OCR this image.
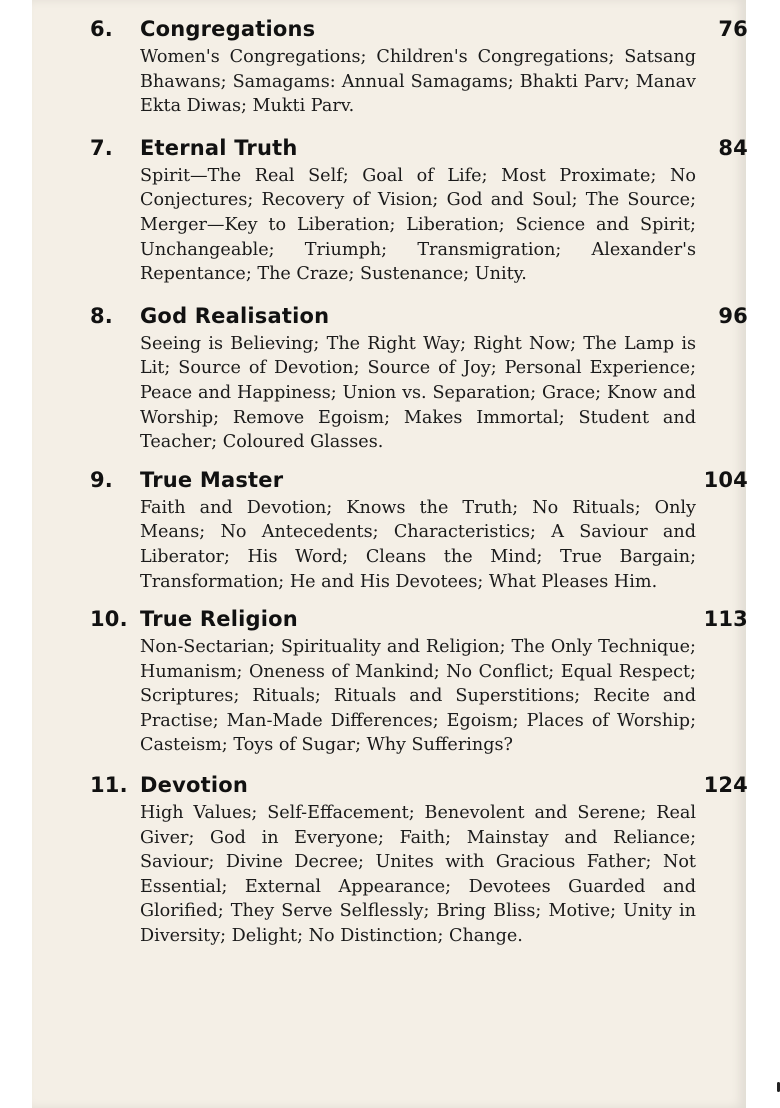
6. Congregations	76
Women's Congregations; Children's Congregations; Satsang Bhawans; Samagams: Annual Samagams; Bhakti Parv; Manav Ekta Diwas; Mukti Parv.
7. Eternal Truth	84
Spirit—The Real Self; Goal of Life; Most Proximate; No Conjectures; Recovery of Vision; God and Soul; The Source; Merger—Key to Liberation; Liberation; Science and Spirit; Unchangeable; Triumph; Transmigration; Alexander's Repentance; The Craze; Sustenance; Unity.
8. God Realisation	96
Seeing is Believing; The Right Way; Right Now; The Lamp is Lit; Source of Devotion; Source of Joy; Personal Experience; Peace and Happiness; Union vs. Separation; Grace; Know and Worship; Remove Egoism; Makes Immortal; Student and Teacher; Coloured Glasses.
9. True Master	104
Faith and Devotion; Knows the Truth; No Rituals; Only Means; No Antecedents; Characteristics; A Saviour and Liberator; His Word; Cleans the Mind; True Bargain; Transformation; He and His Devotees; What Pleases Him.
10. True Religion	113
Non-Sectarian; Spirituality and Religion; The Only Technique; Humanism; Oneness of Mankind; No Conflict; Equal Respect; Scriptures; Rituals; Rituals and Superstitions; Recite and Practise; Man-Made Differences; Egoism; Places of Worship; Casteism; Toys of Sugar; Why Sufferings?
11. Devotion	124
High Values; Self-Effacement; Benevolent and Serene; Real Giver; God in Everyone; Faith; Mainstay and Reliance; Saviour; Divine Decree; Unites with Gracious Father; Not Essential; External Appearance; Devotees Guarded and Glorified; They Serve Selflessly; Bring Bliss; Motive; Unity in Diversity; Delight; No Distinction; Change.
